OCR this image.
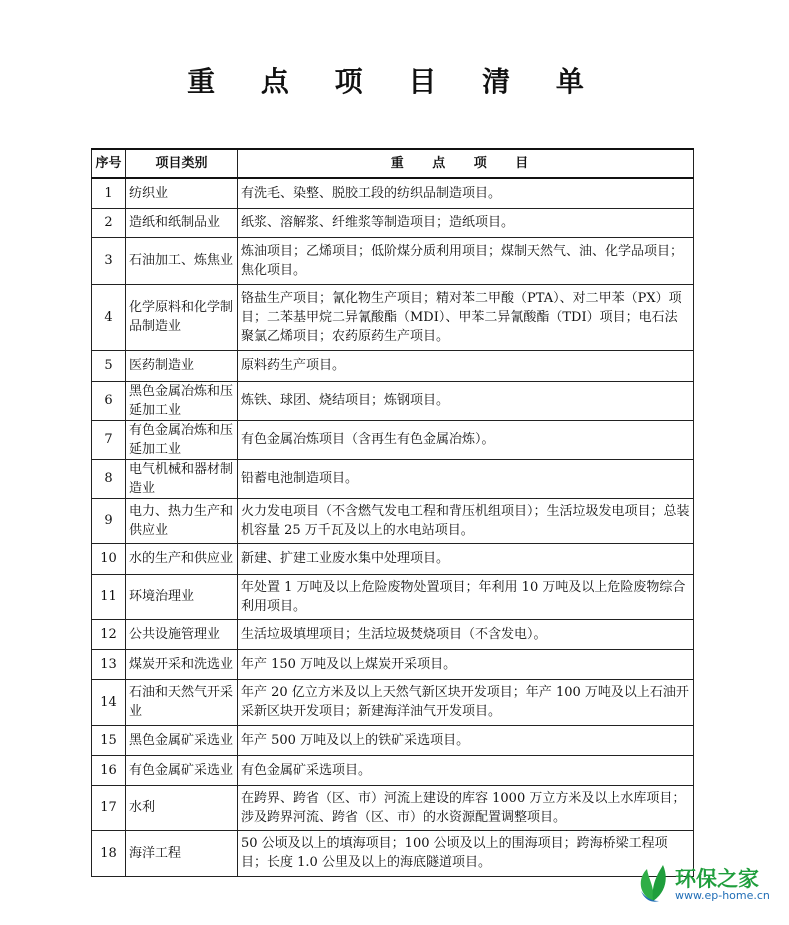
重 点 项 目 清 单
序号	项目类别	重 点 项 目
1	纺织业	有洗毛、染整、脱胶工段的纺织品制造项目。
2	造纸和纸制品业	纸浆、溶解浆、纤维浆等制造项目；造纸项目。
3	石油加工、炼焦业	炼油项目；乙烯项目；低阶煤分质利用项目；煤制天然气、油、化学品项目；焦化项目。
4	化学原料和化学制品制造业	铬盐生产项目；氰化物生产项目；精对苯二甲酸（PTA）、对二甲苯（PX）项目；二苯基甲烷二异氰酸酯（MDI）、甲苯二异氰酸酯（TDI）项目；电石法聚氯乙烯项目；农药原药生产项目。
5	医药制造业	原料药生产项目。
6	黑色金属冶炼和压延加工业	炼铁、球团、烧结项目；炼钢项目。
7	有色金属冶炼和压延加工业	有色金属冶炼项目（含再生有色金属冶炼）。
8	电气机械和器材制造业	铅蓄电池制造项目。
9	电力、热力生产和供应业	火力发电项目（不含燃气发电工程和背压机组项目）；生活垃圾发电项目；总装机容量 25 万千瓦及以上的水电站项目。
10	水的生产和供应业	新建、扩建工业废水集中处理项目。
11	环境治理业	年处置 1 万吨及以上危险废物处置项目；年利用 10 万吨及以上危险废物综合利用项目。
12	公共设施管理业	生活垃圾填埋项目；生活垃圾焚烧项目（不含发电）。
13	煤炭开采和洗选业	年产 150 万吨及以上煤炭开采项目。
14	石油和天然气开采业	年产 20 亿立方米及以上天然气新区块开发项目；年产 100 万吨及以上石油开采新区块开发项目；新建海洋油气开发项目。
15	黑色金属矿采选业	年产 500 万吨及以上的铁矿采选项目。
16	有色金属矿采选业	有色金属矿采选项目。
17	水利	在跨界、跨省（区、市）河流上建设的库容 1000 万立方米及以上水库项目；涉及跨界河流、跨省（区、市）的水资源配置调整项目。
18	海洋工程	50 公顷及以上的填海项目；100 公顷及以上的围海项目；跨海桥梁工程项目；长度 1.0 公里及以上的海底隧道项目。
环保之家
www.ep-home.cn
